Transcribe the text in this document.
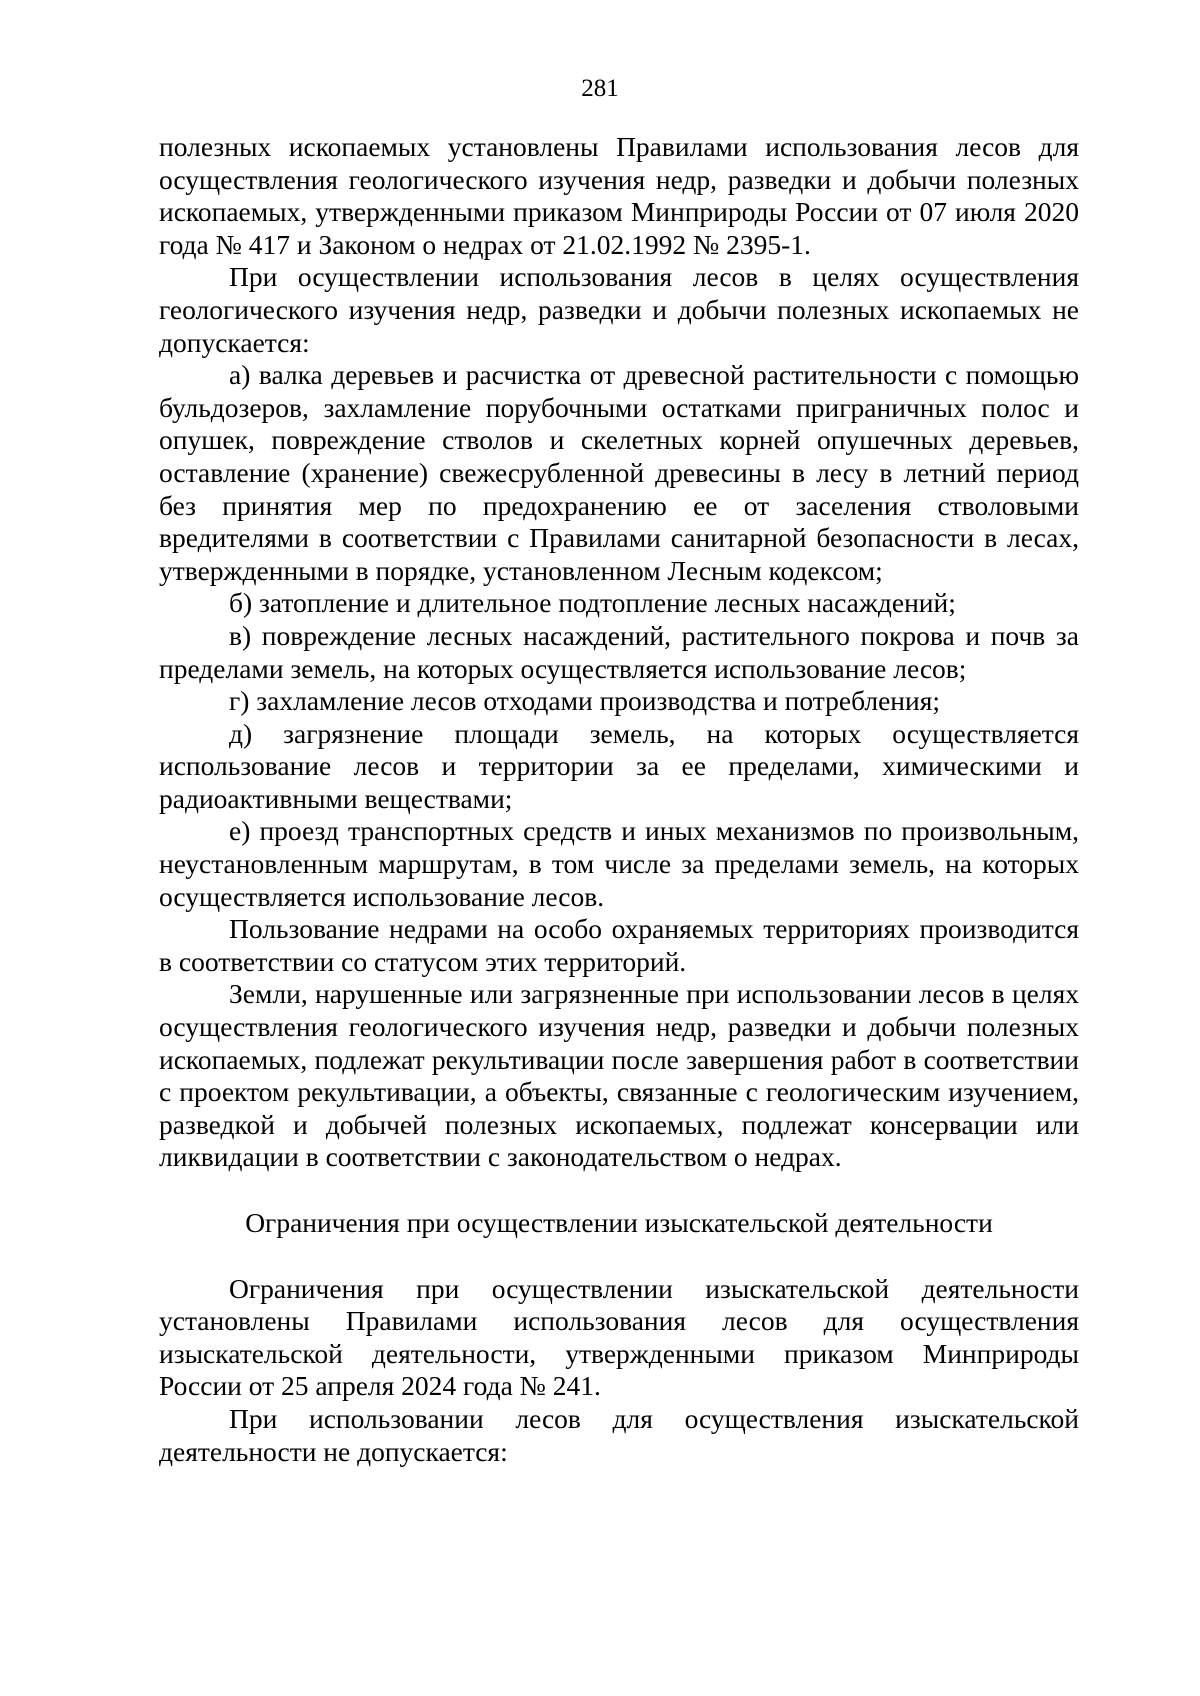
281

полезных ископаемых установлены Правилами использования лесов для осуществления геологического изучения недр, разведки и добычи полезных ископаемых, утвержденными приказом Минприроды России от 07 июля 2020 года № 417 и Законом о недрах от 21.02.1992 № 2395-1.

При осуществлении использования лесов в целях осуществления геологического изучения недр, разведки и добычи полезных ископаемых не допускается:

а) валка деревьев и расчистка от древесной растительности с помощью бульдозеров, захламление порубочными остатками приграничных полос и опушек, повреждение стволов и скелетных корней опушечных деревьев, оставление (хранение) свежесрубленной древесины в лесу в летний период без принятия мер по предохранению ее от заселения стволовыми вредителями в соответствии с Правилами санитарной безопасности в лесах, утвержденными в порядке, установленном Лесным кодексом;

б) затопление и длительное подтопление лесных насаждений;

в) повреждение лесных насаждений, растительного покрова и почв за пределами земель, на которых осуществляется использование лесов;

г) захламление лесов отходами производства и потребления;

д) загрязнение площади земель, на которых осуществляется использование лесов и территории за ее пределами, химическими и радиоактивными веществами;

е) проезд транспортных средств и иных механизмов по произвольным, неустановленным маршрутам, в том числе за пределами земель, на которых осуществляется использование лесов.

Пользование недрами на особо охраняемых территориях производится в соответствии со статусом этих территорий.

Земли, нарушенные или загрязненные при использовании лесов в целях осуществления геологического изучения недр, разведки и добычи полезных ископаемых, подлежат рекультивации после завершения работ в соответствии с проектом рекультивации, а объекты, связанные с геологическим изучением, разведкой и добычей полезных ископаемых, подлежат консервации или ликвидации в соответствии с законодательством о недрах.

Ограничения при осуществлении изыскательской деятельности

Ограничения при осуществлении изыскательской деятельности установлены Правилами использования лесов для осуществления изыскательской деятельности, утвержденными приказом Минприроды России от 25 апреля 2024 года № 241.

При использовании лесов для осуществления изыскательской деятельности не допускается:
